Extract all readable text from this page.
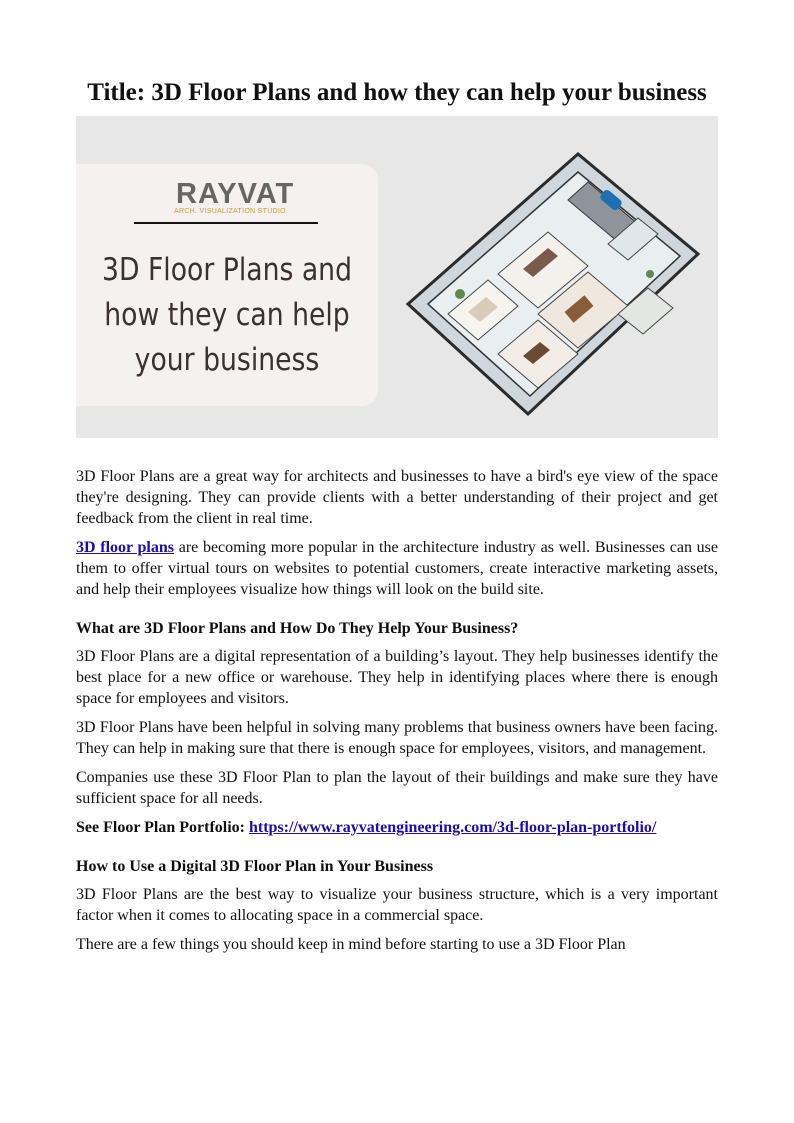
Title: 3D Floor Plans and how they can help your business
RAYVAT
ARCH. VISUALIZATION STUDIO
3D Floor Plans and
how they can help
your business

3D Floor Plans are a great way for architects and businesses to have a bird's eye view of the space they're designing. They can provide clients with a better understanding of their project and get feedback from the client in real time.

3D floor plans are becoming more popular in the architecture industry as well. Businesses can use them to offer virtual tours on websites to potential customers, create interactive marketing assets, and help their employees visualize how things will look on the build site.

What are 3D Floor Plans and How Do They Help Your Business?

3D Floor Plans are a digital representation of a building’s layout. They help businesses identify the best place for a new office or warehouse. They help in identifying places where there is enough space for employees and visitors.

3D Floor Plans have been helpful in solving many problems that business owners have been facing. They can help in making sure that there is enough space for employees, visitors, and management.

Companies use these 3D Floor Plan to plan the layout of their buildings and make sure they have sufficient space for all needs.

See Floor Plan Portfolio: https://www.rayvatengineering.com/3d-floor-plan-portfolio/

How to Use a Digital 3D Floor Plan in Your Business

3D Floor Plans are the best way to visualize your business structure, which is a very important factor when it comes to allocating space in a commercial space.

There are a few things you should keep in mind before starting to use a 3D Floor Plan
